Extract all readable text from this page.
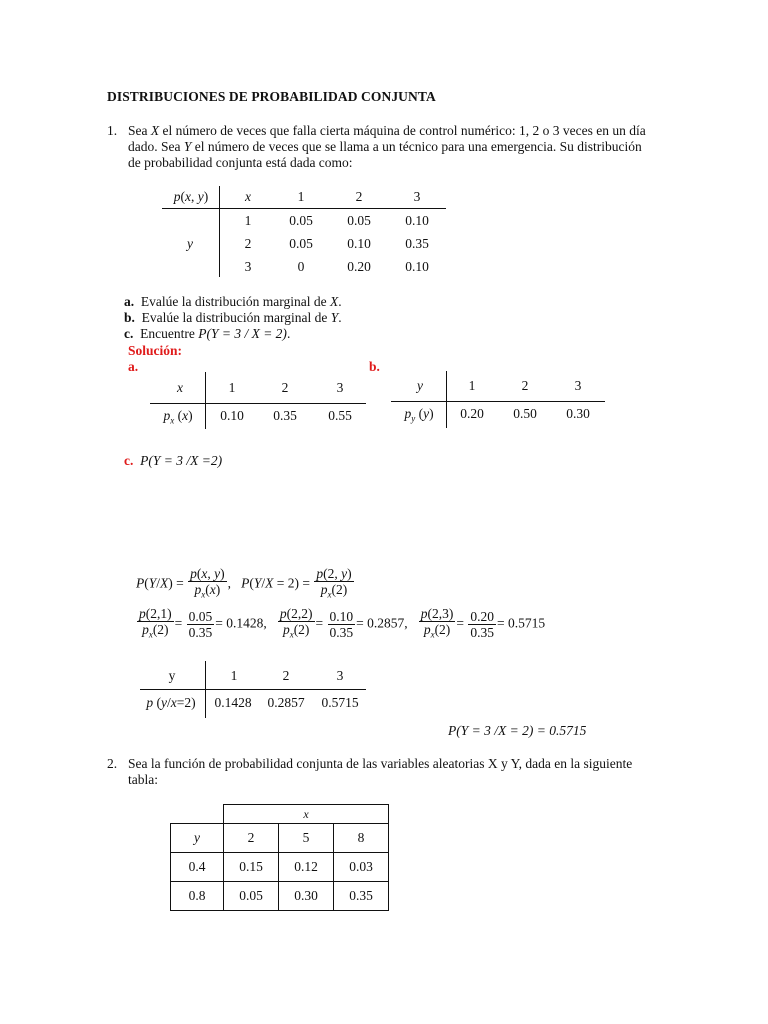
DISTRIBUCIONES DE PROBABILIDAD CONJUNTA
1. Sea X el número de veces que falla cierta máquina de control numérico: 1, 2 o 3 veces en un día
dado. Sea Y el número de veces que se llama a un técnico para una emergencia. Su distribución
de probabilidad conjunta está dada como:
p(x, y)	x	1	2	3
y
1	0.05	0.05	0.10
2	0.05	0.10	0.35
3	0	0.20	0.10
a. Evalúe la distribución marginal de X.
b. Evalúe la distribución marginal de Y.
c. Encuentre P(Y = 3 / X = 2).
Solución:
a.	b.
x	1	2	3
$p_x$ (x)	0.10	0.35	0.55
y	1	2	3
$p_y$ (y)	0.20	0.50	0.30
c. P(Y = 3 /X =2)
$P(Y/X) = \frac{p(x, y)}{p_x(x)}$ ,   $P(Y/X = 2) = \frac{p(2, y)}{p_x(2)}$
$\frac{p(2,1)}{p_x(2)} = \frac{0.05}{0.35} = 0.1428$, $\frac{p(2,2)}{p_x(2)} = \frac{0.10}{0.35} = 0.2857$, $\frac{p(2,3)}{p_x(2)} = \frac{0.20}{0.35} = 0.5715$
y	1	2	3
p (y/x=2)	0.1428	0.2857	0.5715
P(Y = 3 /X = 2) = 0.5715
2. Sea la función de probabilidad conjunta de las variables aleatorias X y Y, dada en la siguiente
tabla:
	x		
y	2	5	8
0.4	0.15	0.12	0.03
0.8	0.05	0.30	0.35
